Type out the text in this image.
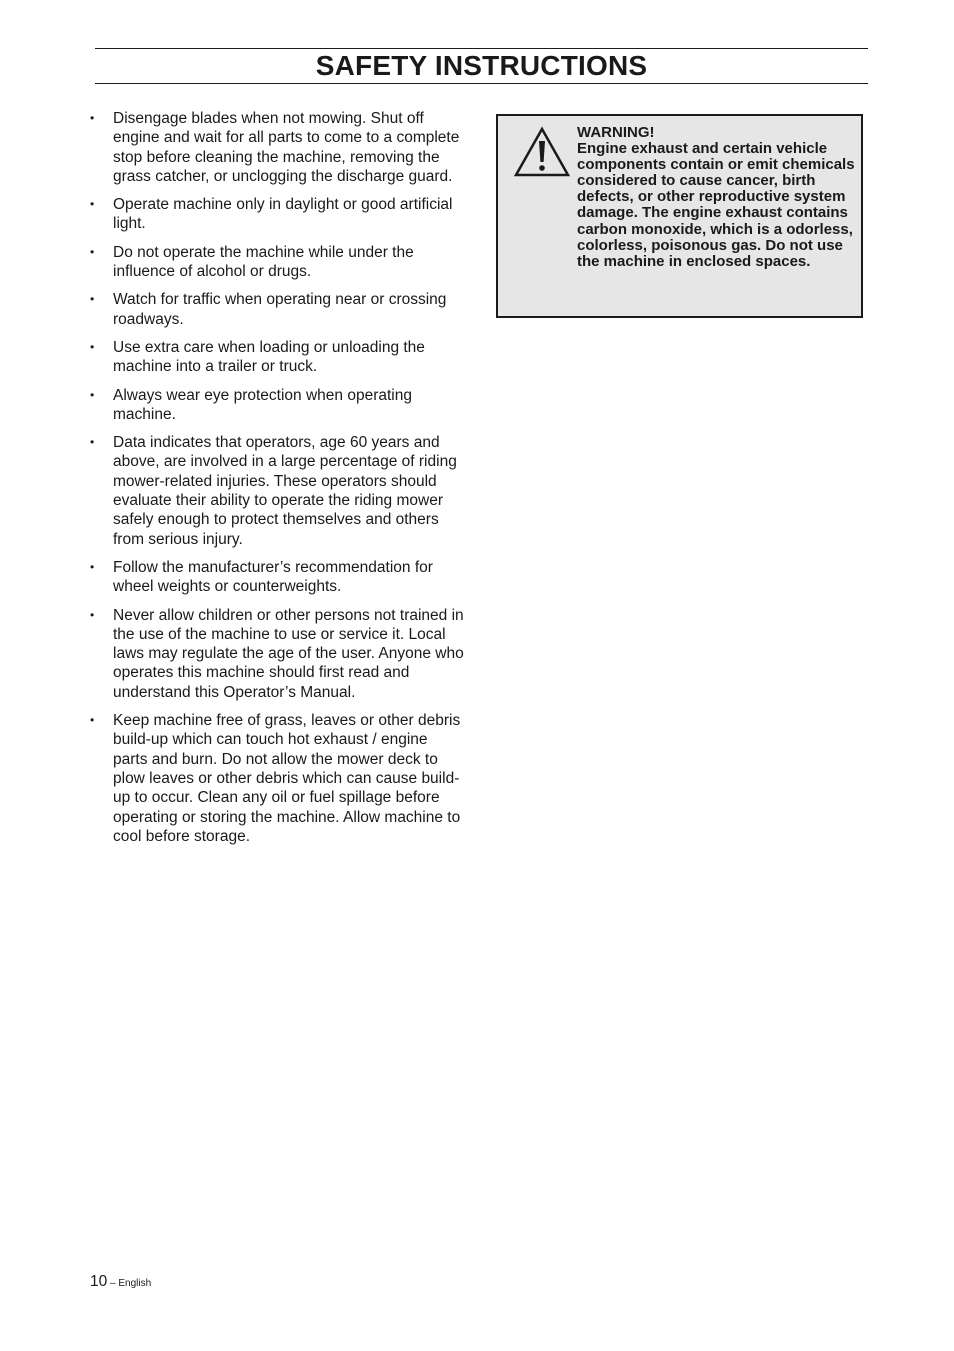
SAFETY INSTRUCTIONS
• Disengage blades when not mowing. Shut off engine and wait for all parts to come to a complete stop before cleaning the machine, removing the grass catcher, or unclogging the discharge guard.
• Operate machine only in daylight or good artificial light.
• Do not operate the machine while under the influence of alcohol or drugs.
• Watch for traffic when operating near or crossing roadways.
• Use extra care when loading or unloading the machine into a trailer or truck.
• Always wear eye protection when operating machine.
• Data indicates that operators, age 60 years and above, are involved in a large percentage of riding mower-related injuries. These operators should evaluate their ability to operate the riding mower safely enough to protect themselves and others from serious injury.
• Follow the manufacturer’s recommendation for wheel weights or counterweights.
• Never allow children or other persons not trained in the use of the machine to use or service it. Local laws may regulate the age of the user. Anyone who operates this machine should first read and understand this Operator’s Manual.
• Keep machine free of grass, leaves or other debris build-up which can touch hot exhaust / engine parts and burn. Do not allow the mower deck to plow leaves or other debris which can cause build-up to occur. Clean any oil or fuel spillage before operating or storing the machine. Allow machine to cool before storage.
WARNING!
Engine exhaust and certain vehicle components contain or emit chemicals considered to cause cancer, birth defects, or other reproductive system damage. The engine exhaust contains carbon monoxide, which is a odorless, colorless, poisonous gas. Do not use the machine in enclosed spaces.
10 – English
